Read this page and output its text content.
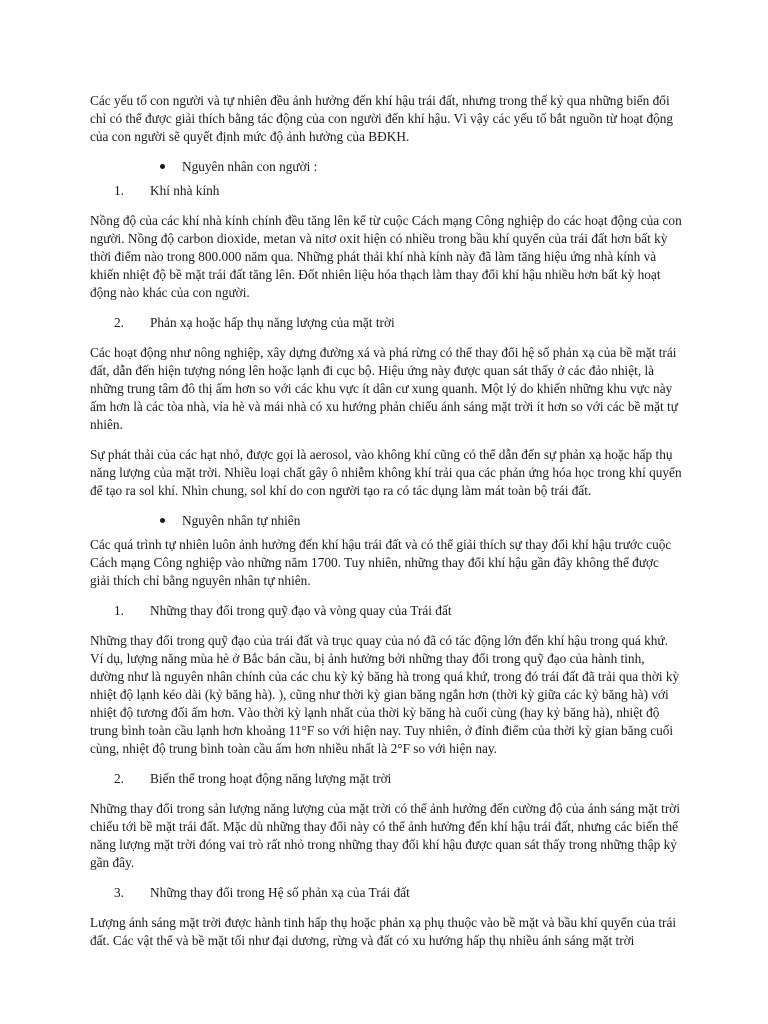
Các yếu tố con người và tự nhiên đều ảnh hưởng đến khí hậu trái đất, nhưng trong thế kỷ qua những biến đổi chỉ có thể được giải thích bằng tác động của con người đến khí hậu. Vì vậy các yếu tố bắt nguồn từ hoạt động của con người sẽ quyết định mức độ ảnh hưởng của BĐKH.

Nguyên nhân con người :
1. Khí nhà kính

Nồng độ của các khí nhà kính chính đều tăng lên kể từ cuộc Cách mạng Công nghiệp do các hoạt động của con người. Nồng độ carbon dioxide, metan và nitơ oxit hiện có nhiều trong bầu khí quyển của trái đất hơn bất kỳ thời điểm nào trong 800.000 năm qua. Những phát thải khí nhà kính này đã làm tăng hiệu ứng nhà kính và khiến nhiệt độ bề mặt trái đất tăng lên. Đốt nhiên liệu hóa thạch làm thay đổi khí hậu nhiều hơn bất kỳ hoạt động nào khác của con người.

2. Phản xạ hoặc hấp thụ năng lượng của mặt trời

Các hoạt động như nông nghiệp, xây dựng đường xá và phá rừng có thể thay đổi hệ số phản xạ của bề mặt trái đất, dẫn đến hiện tượng nóng lên hoặc lạnh đi cục bộ. Hiệu ứng này được quan sát thấy ở các đảo nhiệt, là những trung tâm đô thị ấm hơn so với các khu vực ít dân cư xung quanh. Một lý do khiến những khu vực này ấm hơn là các tòa nhà, vỉa hè và mái nhà có xu hướng phản chiếu ánh sáng mặt trời ít hơn so với các bề mặt tự nhiên.

Sự phát thải của các hạt nhỏ, được gọi là aerosol, vào không khí cũng có thể dẫn đến sự phản xạ hoặc hấp thụ năng lượng của mặt trời. Nhiều loại chất gây ô nhiễm không khí trải qua các phản ứng hóa học trong khí quyển để tạo ra sol khí. Nhìn chung, sol khí do con người tạo ra có tác dụng làm mát toàn bộ trái đất.

Nguyên nhân tự nhiên

Các quá trình tự nhiên luôn ảnh hưởng đến khí hậu trái đất và có thể giải thích sự thay đổi khí hậu trước cuộc Cách mạng Công nghiệp vào những năm 1700. Tuy nhiên, những thay đổi khí hậu gần đây không thể được giải thích chỉ bằng nguyên nhân tự nhiên.

1. Những thay đổi trong quỹ đạo và vòng quay của Trái đất

Những thay đổi trong quỹ đạo của trái đất và trục quay của nó đã có tác động lớn đến khí hậu trong quá khứ. Ví dụ, lượng năng mùa hè ở Bắc bán cầu, bị ảnh hưởng bởi những thay đổi trong quỹ đạo của hành tinh, dường như là nguyên nhân chính của các chu kỳ kỷ băng hà trong quá khứ, trong đó trái đất đã trải qua thời kỳ nhiệt độ lạnh kéo dài (kỷ băng hà). ), cũng như thời kỳ gian băng ngắn hơn (thời kỳ giữa các kỷ băng hà) với nhiệt độ tương đối ấm hơn. Vào thời kỳ lạnh nhất của thời kỳ băng hà cuối cùng (hay kỷ băng hà), nhiệt độ trung bình toàn cầu lạnh hơn khoảng 11°F so với hiện nay. Tuy nhiên, ở đỉnh điểm của thời kỳ gian băng cuối cùng, nhiệt độ trung bình toàn cầu ấm hơn nhiều nhất là 2°F so với hiện nay.

2. Biến thể trong hoạt động năng lượng mặt trời

Những thay đổi trong sản lượng năng lượng của mặt trời có thể ảnh hưởng đến cường độ của ánh sáng mặt trời chiếu tới bề mặt trái đất. Mặc dù những thay đổi này có thể ảnh hưởng đến khí hậu trái đất, nhưng các biến thể năng lượng mặt trời đóng vai trò rất nhỏ trong những thay đổi khí hậu được quan sát thấy trong những thập kỷ gần đây.

3. Những thay đổi trong Hệ số phản xạ của Trái đất

Lượng ánh sáng mặt trời được hành tinh hấp thụ hoặc phản xạ phụ thuộc vào bề mặt và bầu khí quyển của trái đất. Các vật thể và bề mặt tối như đại dương, rừng và đất có xu hướng hấp thụ nhiều ánh sáng mặt trời
